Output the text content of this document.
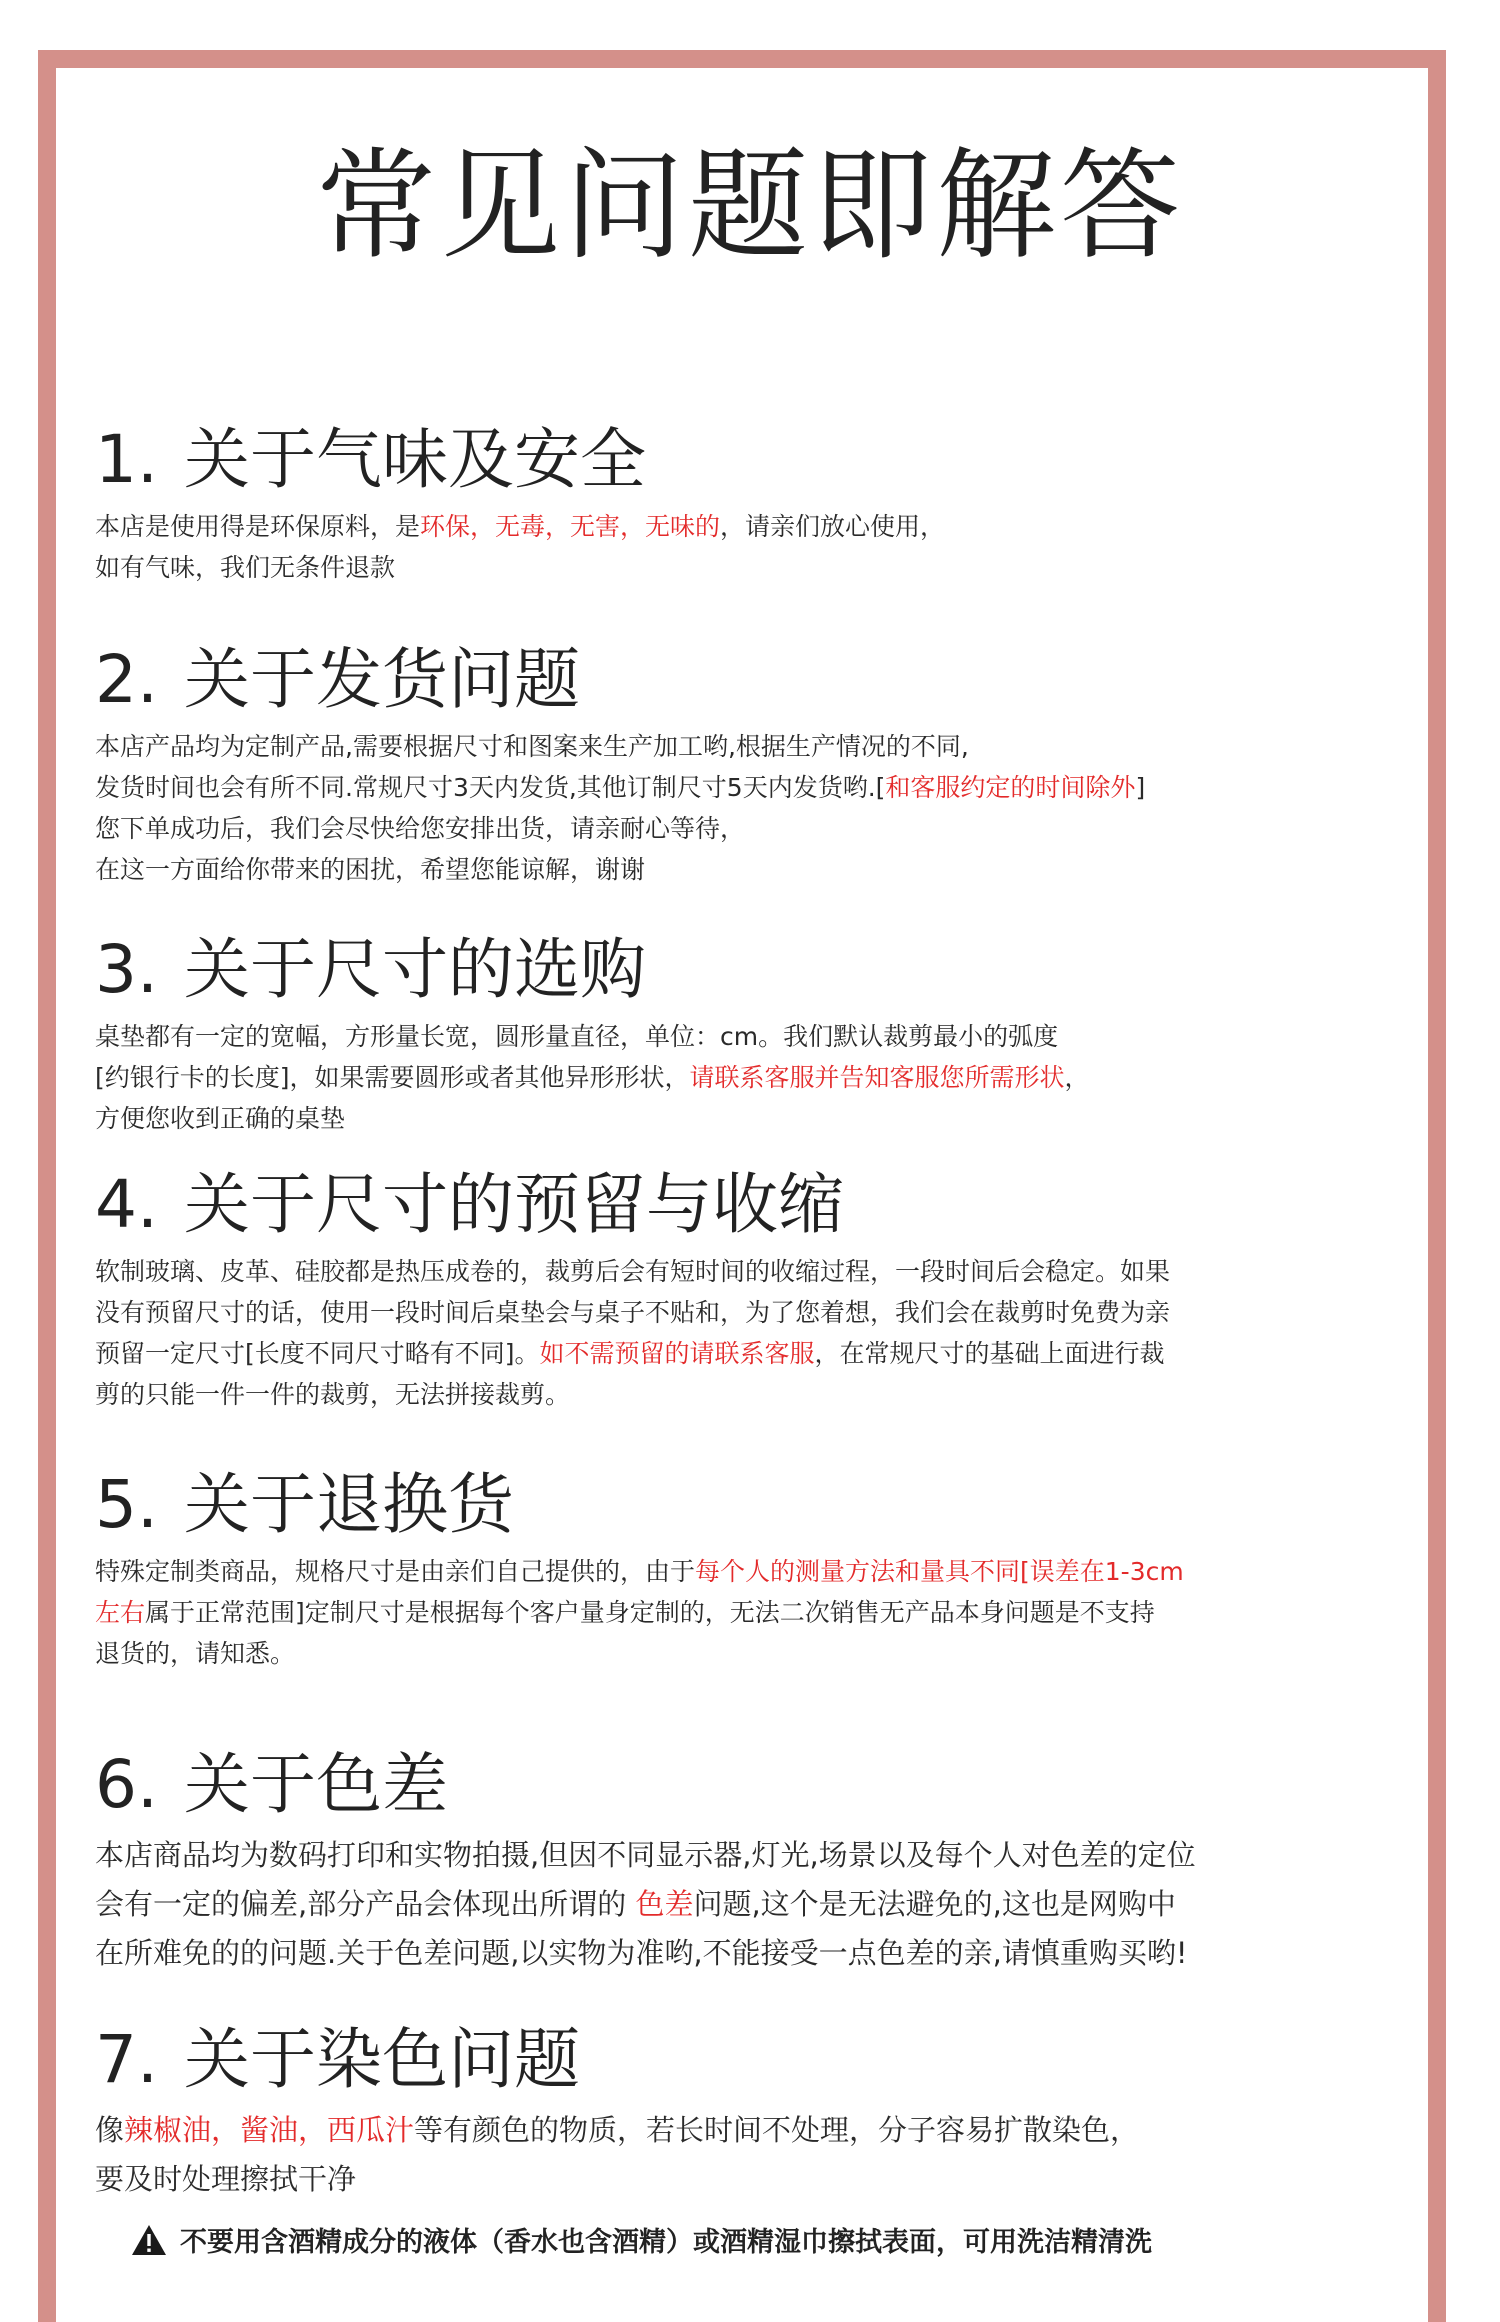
常见问题即解答
1. 关于气味及安全
本店是使用得是环保原料，是环保，无毒，无害，无味的，请亲们放心使用，
如有气味，我们无条件退款
2. 关于发货问题
本店产品均为定制产品,需要根据尺寸和图案来生产加工哟,根据生产情况的不同,
发货时间也会有所不同.常规尺寸3天内发货,其他订制尺寸5天内发货哟.[和客服约定的时间除外]
您下单成功后，我们会尽快给您安排出货，请亲耐心等待，
在这一方面给你带来的困扰，希望您能谅解，谢谢
3. 关于尺寸的选购
桌垫都有一定的宽幅，方形量长宽，圆形量直径，单位：cm。我们默认裁剪最小的弧度
[约银行卡的长度]，如果需要圆形或者其他异形形状，请联系客服并告知客服您所需形状，
方便您收到正确的桌垫
4. 关于尺寸的预留与收缩
软制玻璃、皮革、硅胶都是热压成卷的，裁剪后会有短时间的收缩过程，一段时间后会稳定。如果
没有预留尺寸的话，使用一段时间后桌垫会与桌子不贴和，为了您着想，我们会在裁剪时免费为亲
预留一定尺寸[长度不同尺寸略有不同]。如不需预留的请联系客服，在常规尺寸的基础上面进行裁
剪的只能一件一件的裁剪，无法拼接裁剪。
5. 关于退换货
特殊定制类商品，规格尺寸是由亲们自己提供的，由于每个人的测量方法和量具不同[误差在1-3cm
左右属于正常范围]定制尺寸是根据每个客户量身定制的，无法二次销售无产品本身问题是不支持
退货的，请知悉。
6. 关于色差
本店商品均为数码打印和实物拍摄,但因不同显示器,灯光,场景以及每个人对色差的定位
会有一定的偏差,部分产品会体现出所谓的 色差问题,这个是无法避免的,这也是网购中
在所难免的的问题.关于色差问题,以实物为准哟,不能接受一点色差的亲,请慎重购买哟!
7. 关于染色问题
像辣椒油，酱油，西瓜汁等有颜色的物质，若长时间不处理，分子容易扩散染色，
要及时处理擦拭干净
不要用含酒精成分的液体（香水也含酒精）或酒精湿巾擦拭表面，可用洗洁精清洗
